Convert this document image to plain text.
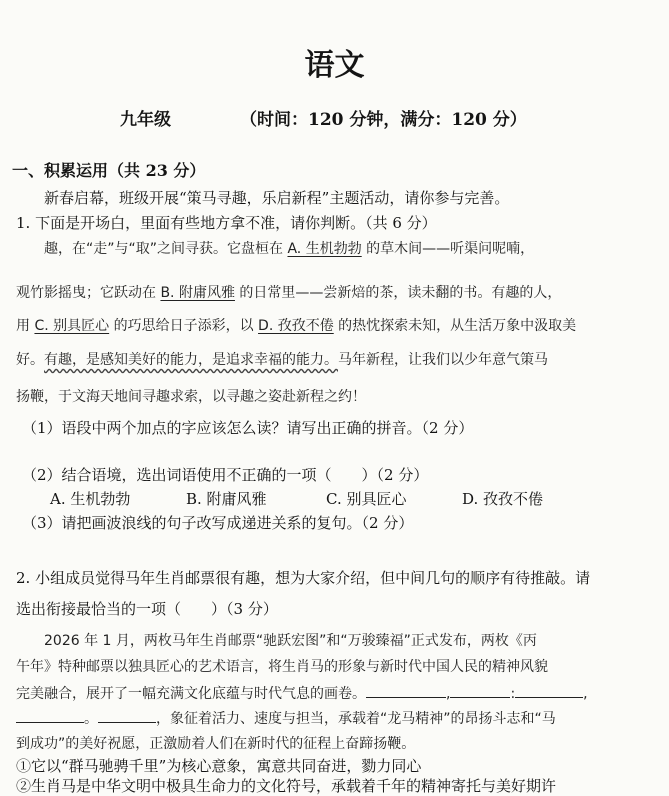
语文
九年级	（时间：120 分钟，满分：120 分）
一、积累运用（共 23 分）
新春启幕，班级开展“策马寻趣，乐启新程”主题活动，请你参与完善。
1. 下面是开场白，里面有些地方拿不准，请你判断。（共 6 分）
趣，在“走”与“取”之间寻获。它盘桓在 A. 生机勃勃 的草木间——听渠问呢喃，
观竹影摇曳；它跃动在 B. 附庸风雅 的日常里——尝新焙的茶，读未翻的书。有趣的人，
用 C. 别具匠心 的巧思给日子添彩，以 D. 孜孜不倦 的热忱探索未知，从生活万象中汲取美
好。有趣，是感知美好的能力，是追求幸福的能力。马年新程，让我们以少年意气策马
扬鞭，于文海天地间寻趣求索，以寻趣之姿赴新程之约！
（1）语段中两个加点的字应该怎么读？请写出正确的拼音。（2 分）
（2）结合语境，选出词语使用不正确的一项（　　）（2 分）
A. 生机勃勃	B. 附庸风雅	C. 别具匠心	D. 孜孜不倦
（3）请把画波浪线的句子改写成递进关系的复句。（2 分）
2. 小组成员觉得马年生肖邮票很有趣，想为大家介绍，但中间几句的顺序有待推敲。请
选出衔接最恰当的一项（　　）（3 分）
2026 年 1 月，两枚马年生肖邮票“驰跃宏图”和“万骏臻福”正式发布，两枚《丙
午年》特种邮票以独具匠心的艺术语言，将生肖马的形象与新时代中国人民的精神风貌
完美融合，展开了一幅充满文化底蕴与时代气息的画卷。	,	:	,
。	，象征着活力、速度与担当，承载着“龙马精神”的昂扬斗志和“马
到成功”的美好祝愿，正激励着人们在新时代的征程上奋蹄扬鞭。
①它以“群马驰骋千里”为核心意象，寓意共同奋进，勠力同心
②生肖马是中华文明中极具生命力的文化符号，承载着千年的精神寄托与美好期许
